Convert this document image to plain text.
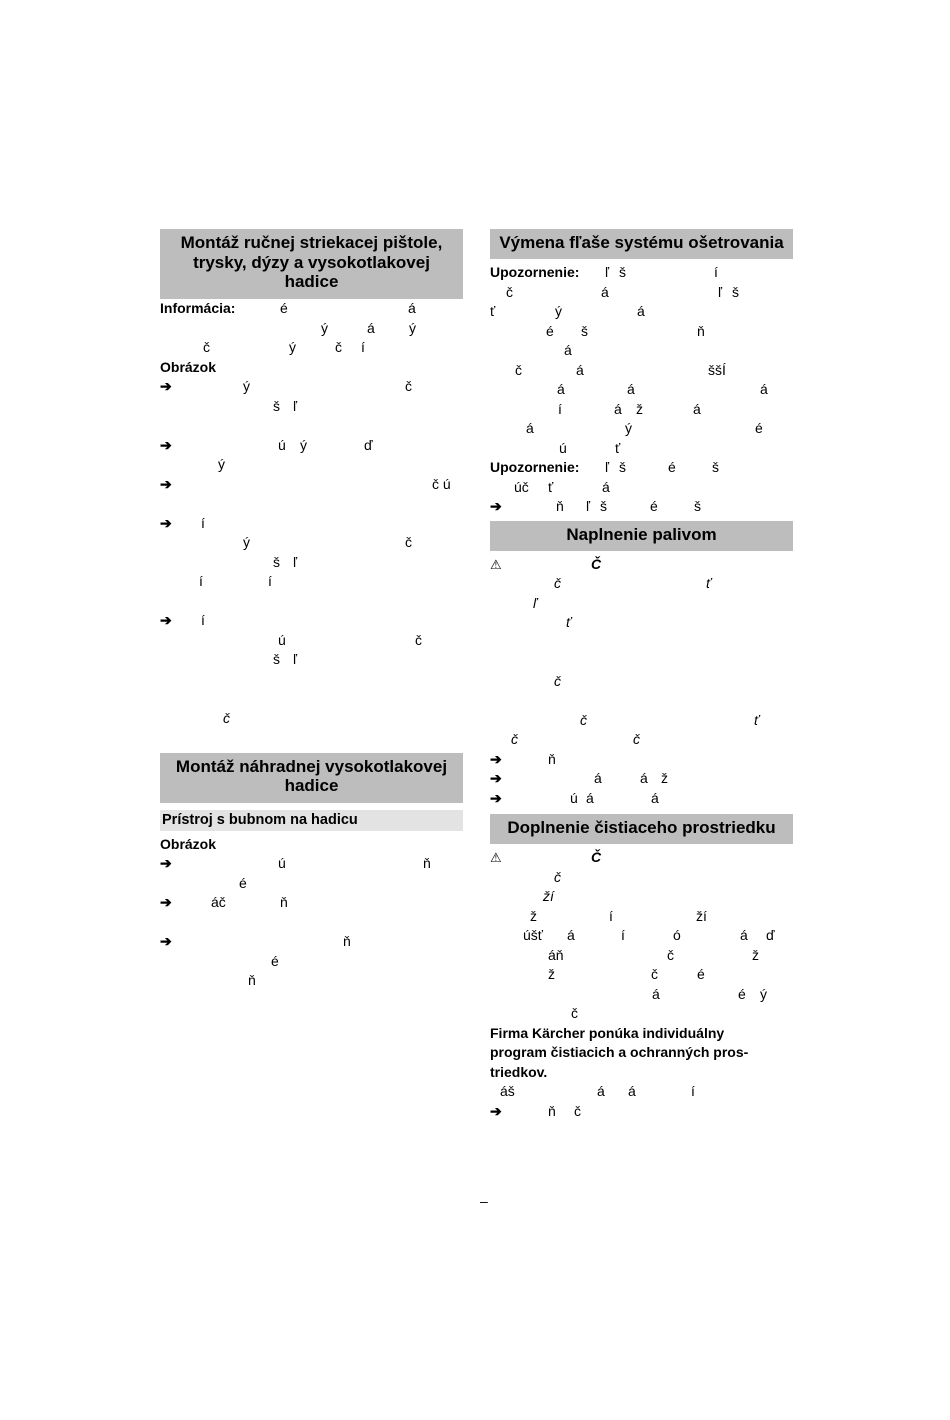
Montáž ručnej striekacej pištole, trysky, dýzy a vysokotlakovej hadice
Informácia:	é	á
ý	á ý
č	ý	č í
Obrázok
➔	ý	č
š ľ
➔	ú ý	ď
ý
➔	č ú
➔ í
ý	č
š ľ
í	í
➔ í
ú	č
š ľ
č
Montáž náhradnej vysokotlakovej hadice
Prístroj s bubnom na hadicu
Obrázok
➔	ú	ň
é
➔	áč	ň
➔	ň
é
ň
Výmena fľaše systému ošetrovania
Upozornenie: ľ š	í
č	á	ľ š
ť	ý	á
é š	ň
á
č	á	ššÍ
á	á	á
í	á ž	á
á	ý	é
ú	ť
Upozornenie: ľ š	é	š
úč ť	á
➔	ň ľ š	é	š
Naplnenie palivom
⚠	Č
č	ť
ľ
ť
č
č	ť
č	č
➔	ň
➔	á	á ž
➔	ú á	á
Doplnenie čistiaceho prostriedku
⚠	Č
č
ží
ž	í	ží
úšť á	í	ó	á ď
áň	č	ž
ž	č	é
á	é ý
č
Firma Kärcher ponúka individuálny
program čistiacich a ochranných pros-
triedkov.
áš	á á	í
➔	ň č
–
